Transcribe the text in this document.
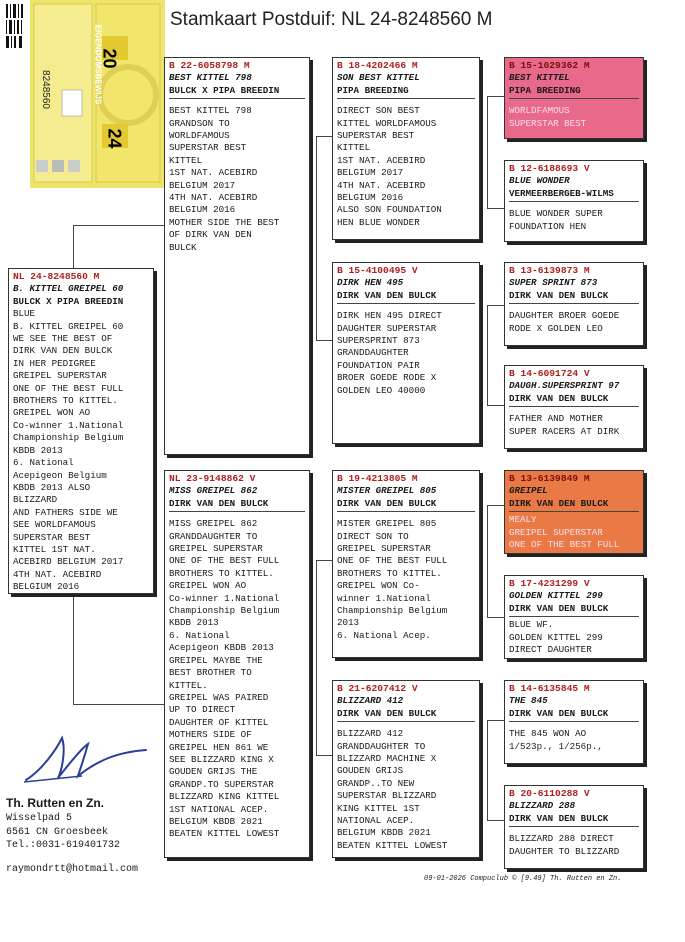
Stamkaart Postduif: NL 24-8248560 M
20
24
8248560	EIGENDOMSBEWIJS
NL 24-8248560 M
B. KITTEL GREIPEL 60
BULCK X PIPA BREEDIN
BLUE
B. KITTEL GREIPEL 60
WE SEE THE BEST OF
DIRK VAN DEN BULCK
IN HER PEDIGREE
GREIPEL SUPERSTAR
ONE OF THE BEST FULL
BROTHERS TO KITTEL.
GREIPEL WON AO
Co-winner 1.National
Championship Belgium
KBDB 2013
6. National
Acepigeon Belgium
KBDB 2013 ALSO
BLIZZARD
AND FATHERS SIDE WE
SEE WORLDFAMOUS
SUPERSTAR BEST
KITTEL 1ST NAT.
ACEBIRD BELGIUM 2017
4TH NAT. ACEBIRD
BELGIUM 2016
B 22-6058798 M
BEST KITTEL 798
BULCK X PIPA BREEDIN
BEST KITTEL 798
GRANDSON TO
WORLDFAMOUS
SUPERSTAR BEST
KITTEL
1ST NAT. ACEBIRD
BELGIUM 2017
4TH NAT. ACEBIRD
BELGIUM 2016
MOTHER SIDE THE BEST
OF DIRK VAN DEN
BULCK
NL 23-9148862 V
MISS GREIPEL 862
DIRK VAN DEN BULCK
MISS GREIPEL 862
GRANDDAUGHTER TO
GREIPEL SUPERSTAR
ONE OF THE BEST FULL
BROTHERS TO KITTEL.
GREIPEL WON AO
Co-winner 1.National
Championship Belgium
KBDB 2013
6. National
Acepigeon KBDB 2013
GREIPEL MAYBE THE
BEST BROTHER TO
KITTEL.
GREIPEL WAS PAIRED
UP TO DIRECT
DAUGHTER OF KITTEL
MOTHERS SIDE OF
GREIPEL HEN 861 WE
SEE BLIZZARD KING X
GOUDEN GRIJS THE
GRANDP.TO SUPERSTAR
BLIZZARD KING KITTEL
1ST NATIONAL ACEP.
BELGIUM KBDB 2021
BEATEN KITTEL LOWEST
B 18-4202466 M
SON BEST KITTEL
PIPA BREEDING
DIRECT SON BEST
KITTEL WORLDFAMOUS
SUPERSTAR BEST
KITTEL
1ST NAT. ACEBIRD
BELGIUM 2017
4TH NAT. ACEBIRD
BELGIUM 2016
ALSO SON FOUNDATION
HEN BLUE WONDER
B 15-4100495 V
DIRK HEN 495
DIRK VAN DEN BULCK
DIRK HEN 495 DIRECT
DAUGHTER SUPERSTAR
SUPERSPRINT 873
GRANDDAUGHTER
FOUNDATION PAIR
BROER GOEDE RODE X
GOLDEN LEO 40000
B 19-4213805 M
MISTER GREIPEL 805
DIRK VAN DEN BULCK
MISTER GREIPEL 805
DIRECT SON TO
GREIPEL SUPERSTAR
ONE OF THE BEST FULL
BROTHERS TO KITTEL.
GREIPEL WON Co-
winner 1.National
Championship Belgium
2013
6. National Acep.
B 21-6207412 V
BLIZZARD 412
DIRK VAN DEN BULCK
BLIZZARD 412
GRANDDAUGHTER TO
BLIZZARD MACHINE X
GOUDEN GRIJS
GRANDP..TO NEW
SUPERSTAR BLIZZARD
KING KITTEL 1ST
NATIONAL ACEP.
BELGIUM KBDB 2021
BEATEN KITTEL LOWEST
B 15-1029362 M
BEST KITTEL
PIPA BREEDING
WORLDFAMOUS
SUPERSTAR BEST
B 12-6188693 V
BLUE WONDER
VERMEERBERGEB-WILMS
BLUE WONDER SUPER
FOUNDATION HEN
B 13-6139873 M
SUPER SPRINT 873
DIRK VAN DEN BULCK
DAUGHTER BROER GOEDE
RODE X GOLDEN LEO
B 14-6091724 V
DAUGH.SUPERSPRINT 97
DIRK VAN DEN BULCK
FATHER AND MOTHER
SUPER RACERS AT DIRK
B 13-6139849 M
GREIPEL
DIRK VAN DEN BULCK
MEALY
GREIPEL SUPERSTAR
ONE OF THE BEST FULL
B 17-4231299 V
GOLDEN KITTEL 299
DIRK VAN DEN BULCK
BLUE WF.
GOLDEN KITTEL 299
DIRECT DAUGHTER
B 14-6135845 M
THE 845
DIRK VAN DEN BULCK
THE 845 WON AO
1/523p., 1/256p.,
B 20-6110288 V
BLIZZARD 288
DIRK VAN DEN BULCK
BLIZZARD 288 DIRECT
DAUGHTER TO BLIZZARD
Th. Rutten en Zn.
Wisselpad 5
6561 CN Groesbeek
Tel.:0031-619401732
raymondrtt@hotmail.com
09-01-2026 Compuclub © [9.49] Th. Rutten en Zn.
